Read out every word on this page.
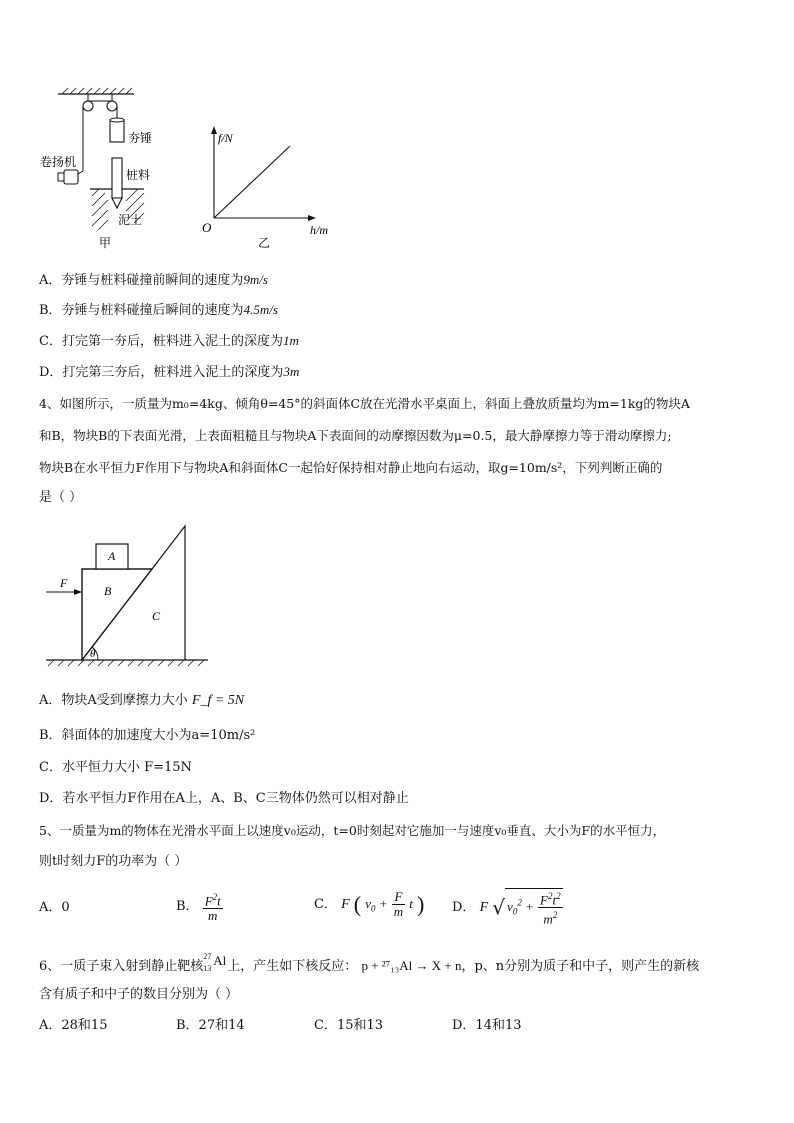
夯锤
卷扬机
桩料
泥土
甲
f/N
h/m
O
乙
A．夯锤与桩料碰撞前瞬间的速度为9m/s
B．夯锤与桩料碰撞后瞬间的速度为4.5m/s
C．打完第一夯后，桩料进入泥土的深度为1m
D．打完第三夯后，桩料进入泥土的深度为3m
4、如图所示，一质量为m₀=4kg、倾角θ=45°的斜面体C放在光滑水平桌面上，斜面上叠放质量均为m=1kg的物块A
和B，物块B的下表面光滑，上表面粗糙且与物块A下表面间的动摩擦因数为μ=0.5，最大静摩擦力等于滑动摩擦力;
物块B在水平恒力F作用下与物块A和斜面体C一起恰好保持相对静止地向右运动，取g=10m/s²，下列判断正确的
是（ ）
A
B
C
F
θ
A．物块A受到摩擦力大小 F_f = 5N
B．斜面体的加速度大小为a=10m/s²
C．水平恒力大小 F=15N
D．若水平恒力F作用在A上，A、B、C三物体仍然可以相对静止
5、一质量为m的物体在光滑水平面上以速度v₀运动，t=0时刻起对它施加一与速度v₀垂直、大小为F的水平恒力，
则t时刻力F的功率为（ ）
A．0	B． $\frac{F^2t}{m}$	C． F ( $v_0 + \frac{F}{m}$ t ) D． F √ $v_0^2 + \frac{F^2t^2}{m^2}$
6、一质子束入射到静止靶核
27
13
Al 上，产生如下核反应： p + ²⁷₁₃Al → X + n，p、n分别为质子和中子，则产生的新核
含有质子和中子的数目分别为（ ）
A．28和15	B．27和14	C．15和13	D．14和13
